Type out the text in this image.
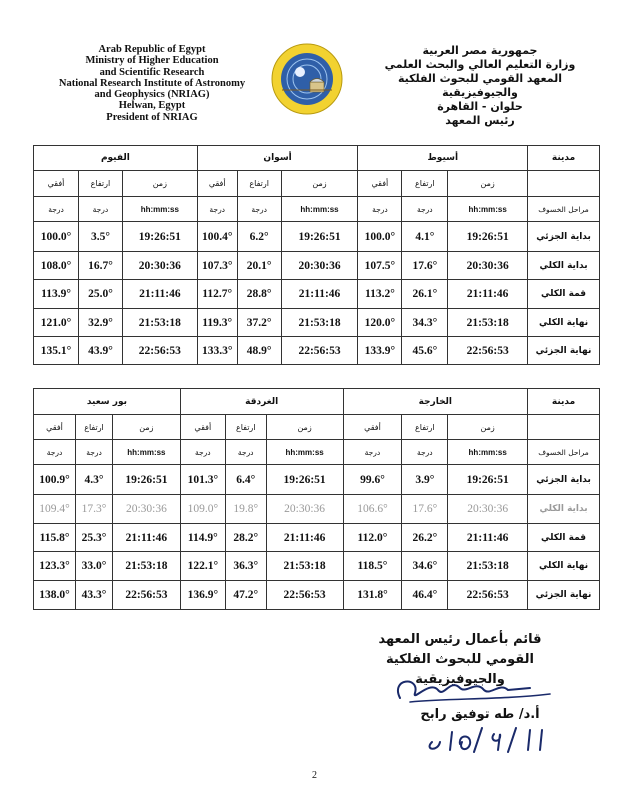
Arab Republic of Egypt
Ministry of Higher Education
and Scientific Research
National Research Institute of Astronomy
and Geophysics (NRIAG)
Helwan, Egypt
President of NRIAG
جمهورية مصر العربية
وزارة التعليم العالي والبحث العلمي
المعهد القومي للبحوث الفلكية والجيوفيزيقية
حلوان - القاهرة
رئيس المعهد
مدينة	أسيوط			أسوان			الفيوم		
	زمن	ارتفاع	أفقي	زمن	ارتفاع	أفقي	زمن	ارتفاع	أفقي
مراحل الخسوف	hh:mm:ss	درجة	درجة	hh:mm:ss	درجة	درجة	hh:mm:ss	درجة	درجة
بداية الجزئي	19:26:51	4.1°	100.0°	19:26:51	6.2°	100.4°	19:26:51	3.5°	100.0°
بداية الكلي	20:30:36	17.6°	107.5°	20:30:36	20.1°	107.3°	20:30:36	16.7°	108.0°
قمة الكلي	21:11:46	26.1°	113.2°	21:11:46	28.8°	112.7°	21:11:46	25.0°	113.9°
نهاية الكلي	21:53:18	34.3°	120.0°	21:53:18	37.2°	119.3°	21:53:18	32.9°	121.0°
نهاية الجزئي	22:56:53	45.6°	133.9°	22:56:53	48.9°	133.3°	22:56:53	43.9°	135.1°
مدينة	الخارجة			الغردقة			بور سعيد		
	زمن	ارتفاع	أفقي	زمن	ارتفاع	أفقي	زمن	ارتفاع	أفقي
مراحل الخسوف	hh:mm:ss	درجة	درجة	hh:mm:ss	درجة	درجة	hh:mm:ss	درجة	درجة
بداية الجزئي	19:26:51	3.9°	99.6°	19:26:51	6.4°	101.3°	19:26:51	4.3°	100.9°
بداية الكلي	20:30:36	17.6°	106.6°	20:30:36	19.8°	109.0°	20:30:36	17.3°	109.4°
قمة الكلي	21:11:46	26.2°	112.0°	21:11:46	28.2°	114.9°	21:11:46	25.3°	115.8°
نهاية الكلي	21:53:18	34.6°	118.5°	21:53:18	36.3°	122.1°	21:53:18	33.0°	123.3°
نهاية الجزئي	22:56:53	46.4°	131.8°	22:56:53	47.2°	136.9°	22:56:53	43.3°	138.0°
قائم بأعمال رئيس المعهد
القومي للبحوث الفلكية والجيوفيزيقية
أ.د/ طه توفيق رابح
2
